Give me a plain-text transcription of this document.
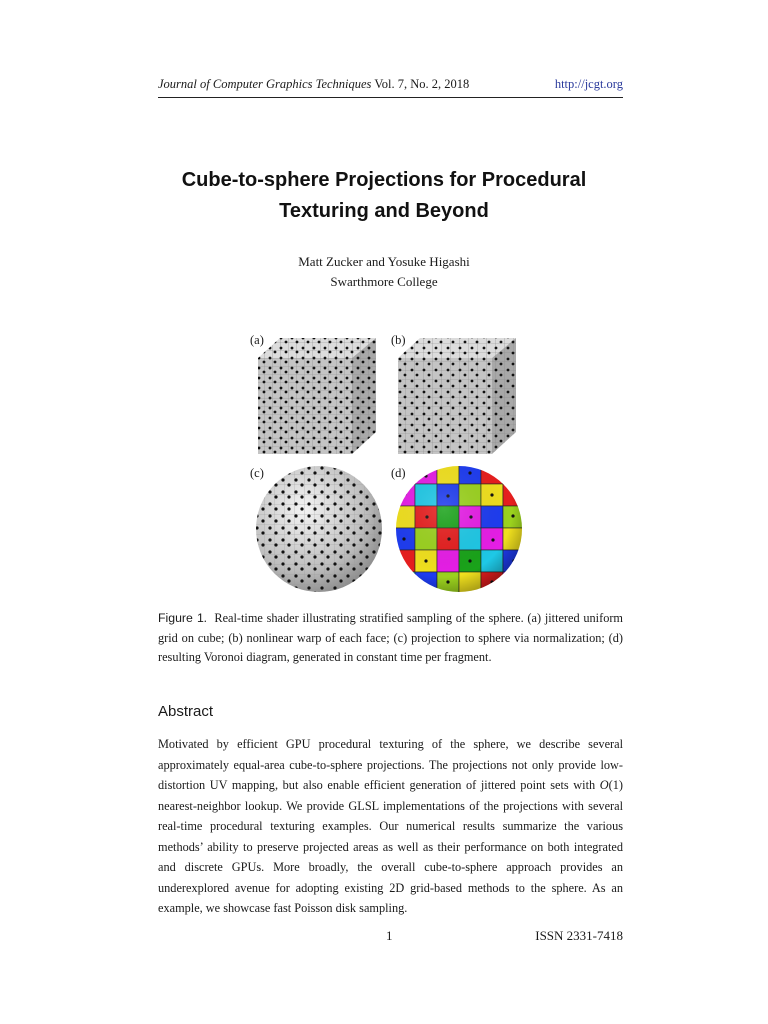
Journal of Computer Graphics Techniques Vol. 7, No. 2, 2018	http://jcgt.org
Cube-to-sphere Projections for Procedural
Texturing and Beyond
Matt Zucker and Yosuke Higashi
Swarthmore College
(a)	(b)
(c)	(d)
Figure 1.  Real-time shader illustrating stratified sampling of the sphere. (a) jittered uniform grid on cube; (b) nonlinear warp of each face; (c) projection to sphere via normalization; (d) resulting Voronoi diagram, generated in constant time per fragment.
Abstract

Motivated by efficient GPU procedural texturing of the sphere, we describe several approximately equal-area cube-to-sphere projections. The projections not only provide low-distortion UV mapping, but also enable efficient generation of jittered point sets with O(1) nearest-neighbor lookup. We provide GLSL implementations of the projections with several real-time procedural texturing examples. Our numerical results summarize the various methods’ ability to preserve projected areas as well as their performance on both integrated and discrete GPUs. More broadly, the overall cube-to-sphere approach provides an underexplored avenue for adopting existing 2D grid-based methods to the sphere. As an example, we showcase fast Poisson disk sampling.

1	ISSN 2331-7418
